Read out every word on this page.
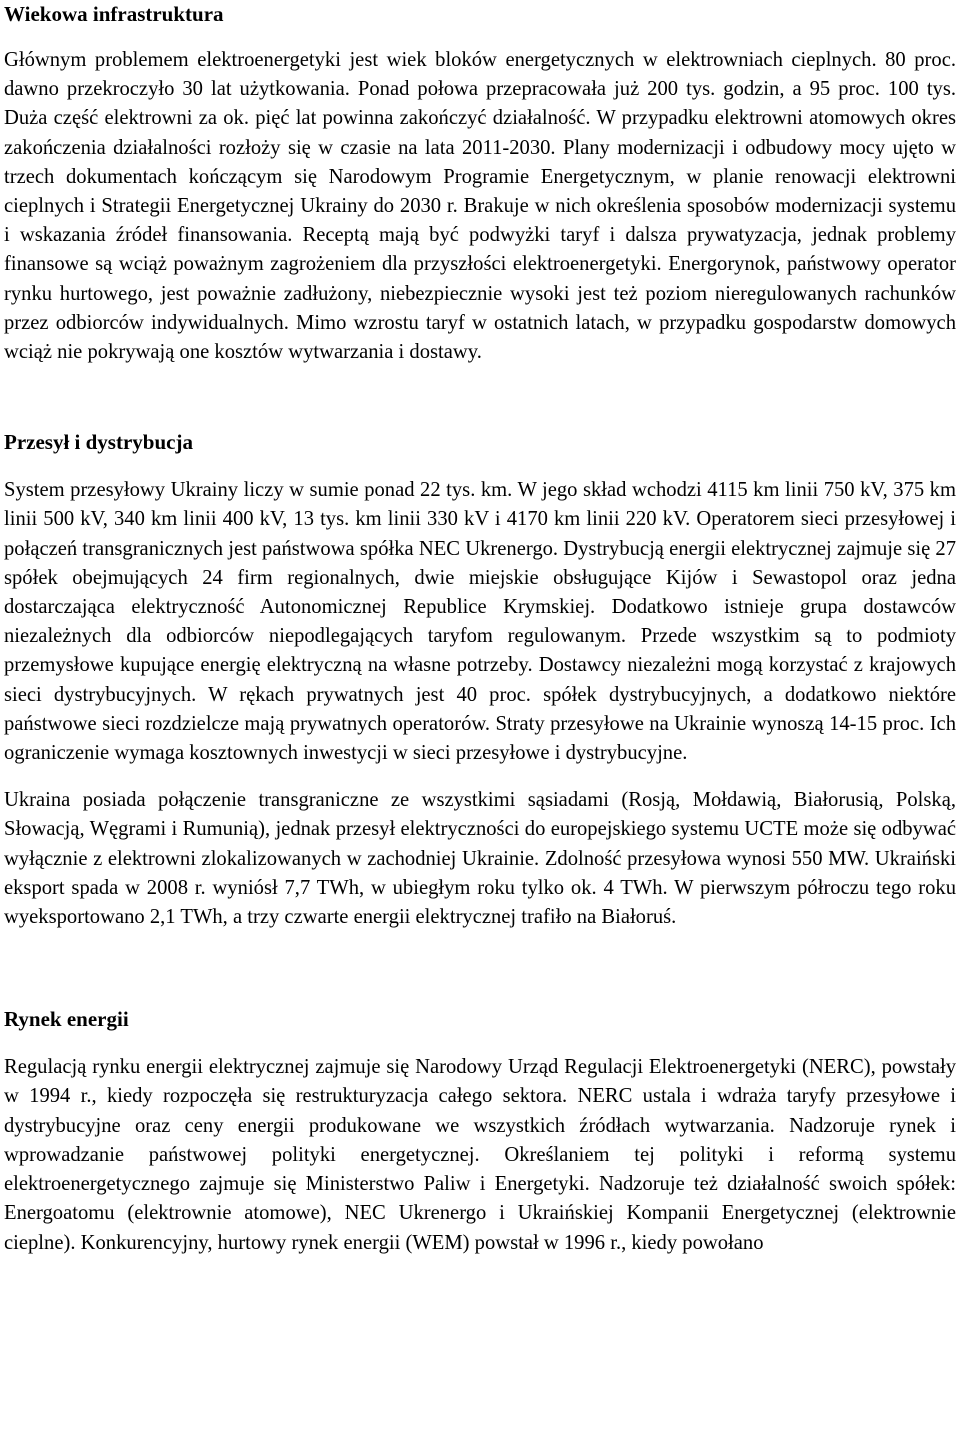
Wiekowa infrastruktura

Głównym problemem elektroenergetyki jest wiek bloków energetycznych w elektrowniach cieplnych. 80 proc. dawno przekroczyło 30 lat użytkowania. Ponad połowa przepracowała już 200 tys. godzin, a 95 proc. 100 tys. Duża część elektrowni za ok. pięć lat powinna zakończyć działalność. W przypadku elektrowni atomowych okres zakończenia działalności rozłoży się w czasie na lata 2011-2030. Plany modernizacji i odbudowy mocy ujęto w trzech dokumentach kończącym się Narodowym Programie Energetycznym, w planie renowacji elektrowni cieplnych i Strategii Energetycznej Ukrainy do 2030 r. Brakuje w nich określenia sposobów modernizacji systemu i wskazania źródeł finansowania. Receptą mają być podwyżki taryf i dalsza prywatyzacja, jednak problemy finansowe są wciąż poważnym zagrożeniem dla przyszłości elektroenergetyki. Energorynok, państwowy operator rynku hurtowego, jest poważnie zadłużony, niebezpiecznie wysoki jest też poziom nieregulowanych rachunków przez odbiorców indywidualnych. Mimo wzrostu taryf w ostatnich latach, w przypadku gospodarstw domowych wciąż nie pokrywają one kosztów wytwarzania i dostawy.

Przesył i dystrybucja

System przesyłowy Ukrainy liczy w sumie ponad 22 tys. km. W jego skład wchodzi 4115 km linii 750 kV, 375 km linii 500 kV, 340 km linii 400 kV, 13 tys. km linii 330 kV i 4170 km linii 220 kV. Operatorem sieci przesyłowej i połączeń transgranicznych jest państwowa spółka NEC Ukrenergo. Dystrybucją energii elektrycznej zajmuje się 27 spółek obejmujących 24 firm regionalnych, dwie miejskie obsługujące Kijów i Sewastopol oraz jedna dostarczająca elektryczność Autonomicznej Republice Krymskiej. Dodatkowo istnieje grupa dostawców niezależnych dla odbiorców niepodlegających taryfom regulowanym. Przede wszystkim są to podmioty przemysłowe kupujące energię elektryczną na własne potrzeby. Dostawcy niezależni mogą korzystać z krajowych sieci dystrybucyjnych. W rękach prywatnych jest 40 proc. spółek dystrybucyjnych, a dodatkowo niektóre państwowe sieci rozdzielcze mają prywatnych operatorów. Straty przesyłowe na Ukrainie wynoszą 14-15 proc. Ich ograniczenie wymaga kosztownych inwestycji w sieci przesyłowe i dystrybucyjne.

Ukraina posiada połączenie transgraniczne ze wszystkimi sąsiadami (Rosją, Mołdawią, Białorusią, Polską, Słowacją, Węgrami i Rumunią), jednak przesył elektryczności do europejskiego systemu UCTE może się odbywać wyłącznie z elektrowni zlokalizowanych w zachodniej Ukrainie. Zdolność przesyłowa wynosi 550 MW. Ukraiński eksport spada w 2008 r. wyniósł 7,7 TWh, w ubiegłym roku tylko ok. 4 TWh. W pierwszym półroczu tego roku wyeksportowano 2,1 TWh, a trzy czwarte energii elektrycznej trafiło na Białoruś.

Rynek energii

Regulacją rynku energii elektrycznej zajmuje się Narodowy Urząd Regulacji Elektroenergetyki (NERC), powstały w 1994 r., kiedy rozpoczęła się restrukturyzacja całego sektora. NERC ustala i wdraża taryfy przesyłowe i dystrybucyjne oraz ceny energii produkowane we wszystkich źródłach wytwarzania. Nadzoruje rynek i wprowadzanie państwowej polityki energetycznej. Określaniem tej polityki i reformą systemu elektroenergetycznego zajmuje się Ministerstwo Paliw i Energetyki. Nadzoruje też działalność swoich spółek: Energoatomu (elektrownie atomowe), NEC Ukrenergo i Ukraińskiej Kompanii Energetycznej (elektrownie cieplne). Konkurencyjny, hurtowy rynek energii (WEM) powstał w 1996 r., kiedy powołano
